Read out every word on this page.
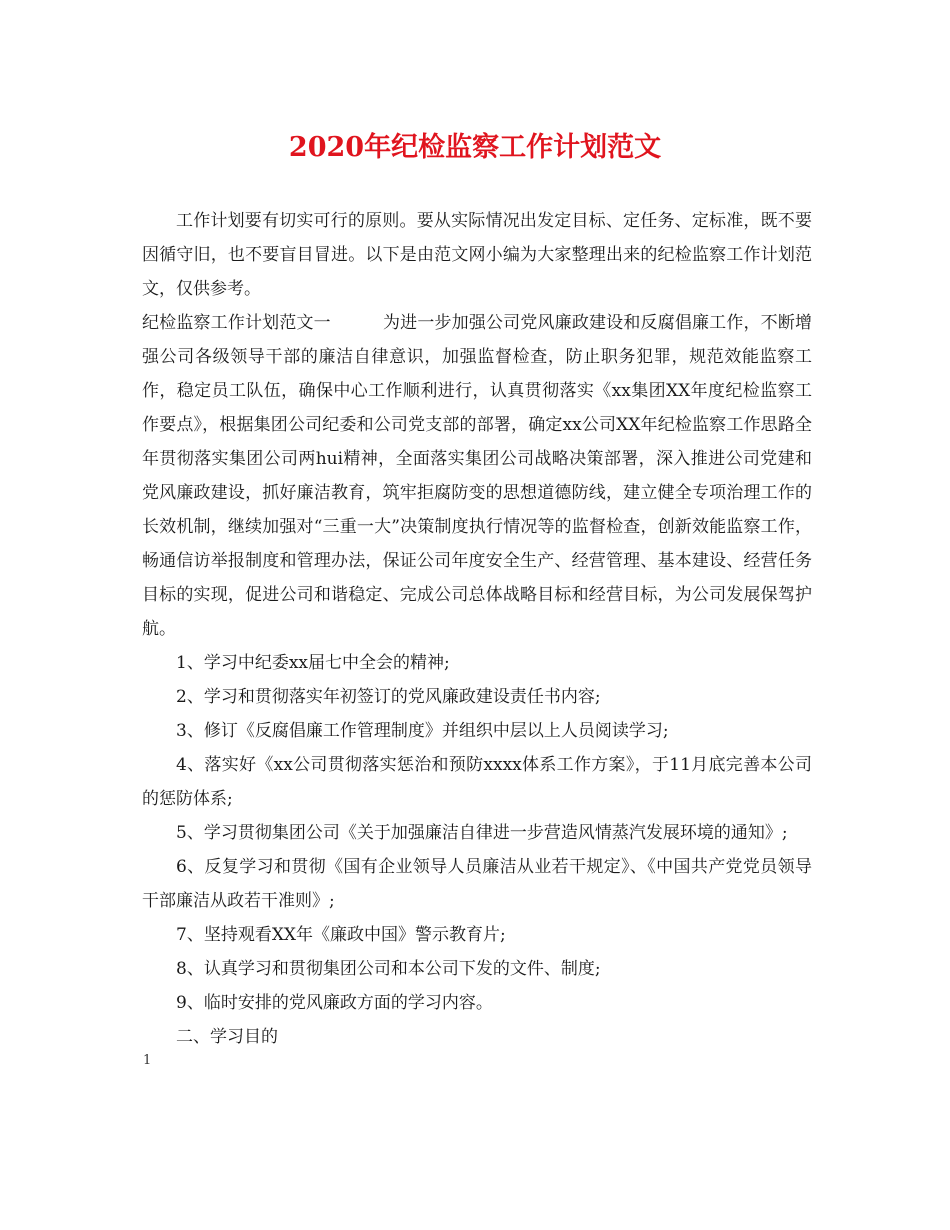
2020年纪检监察工作计划范文

工作计划要有切实可行的原则。要从实际情况出发定目标、定任务、定标准，既不要因循守旧，也不要盲目冒进。以下是由范文网小编为大家整理出来的纪检监察工作计划范文，仅供参考。

纪检监察工作计划范文一	为进一步加强公司党风廉政建设和反腐倡廉工作，不断增强公司各级领导干部的廉洁自律意识，加强监督检查，防止职务犯罪，规范效能监察工作，稳定员工队伍，确保中心工作顺利进行，认真贯彻落实《xx集团XX年度纪检监察工作要点》，根据集团公司纪委和公司党支部的部署，确定xx公司XX年纪检监察工作思路全年贯彻落实集团公司两hui精神，全面落实集团公司战略决策部署，深入推进公司党建和党风廉政建设，抓好廉洁教育，筑牢拒腐防变的思想道德防线，建立健全专项治理工作的长效机制，继续加强对“三重一大”决策制度执行情况等的监督检查，创新效能监察工作，畅通信访举报制度和管理办法，保证公司年度安全生产、经营管理、基本建设、经营任务目标的实现，促进公司和谐稳定、完成公司总体战略目标和经营目标，为公司发展保驾护航。

1、学习中纪委xx届七中全会的精神;

2、学习和贯彻落实年初签订的党风廉政建设责任书内容;

3、修订《反腐倡廉工作管理制度》并组织中层以上人员阅读学习;

4、落实好《xx公司贯彻落实惩治和预防xxxx体系工作方案》，于11月底完善本公司的惩防体系;

5、学习贯彻集团公司《关于加强廉洁自律进一步营造风情蒸汽发展环境的通知》;

6、反复学习和贯彻《国有企业领导人员廉洁从业若干规定》、《中国共产党党员领导干部廉洁从政若干准则》;

7、坚持观看XX年《廉政中国》警示教育片;

8、认真学习和贯彻集团公司和本公司下发的文件、制度;

9、临时安排的党风廉政方面的学习内容。

二、学习目的

1
